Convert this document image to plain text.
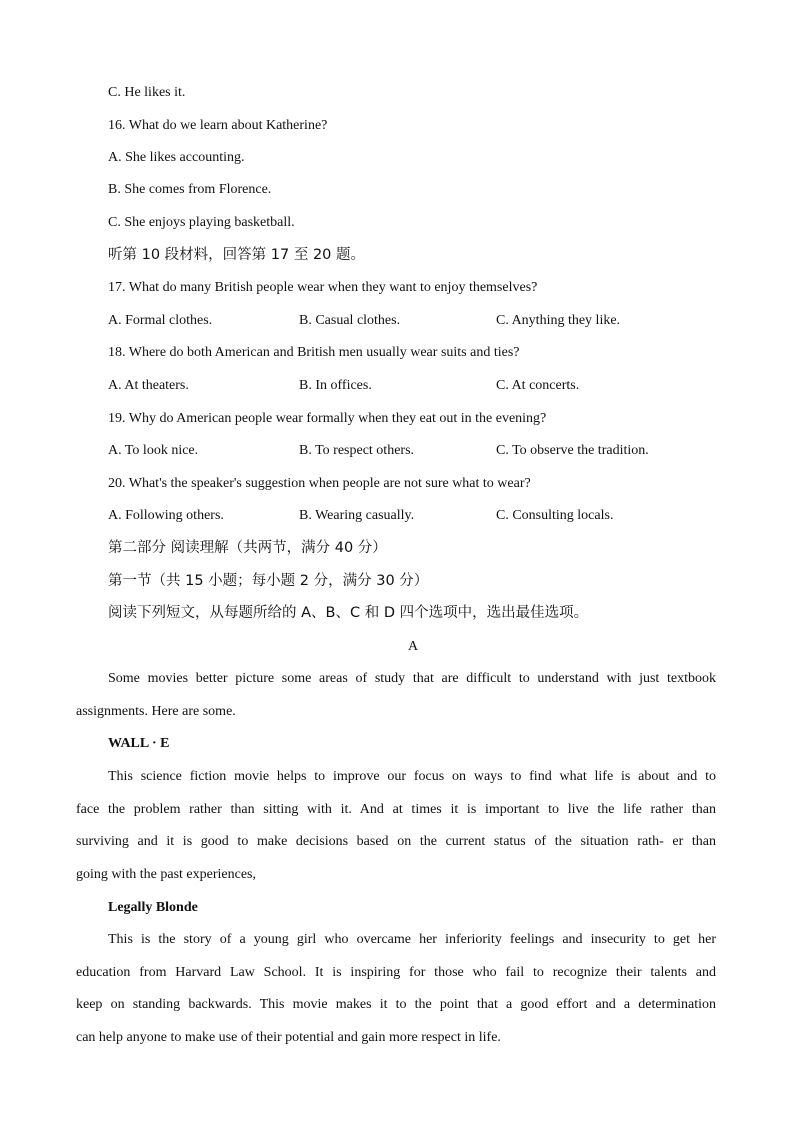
C. He likes it.
16. What do we learn about Katherine?
A. She likes accounting.
B. She comes from Florence.
C. She enjoys playing basketball.
听第 10 段材料，回答第 17 至 20 题。
17. What do many British people wear when they want to enjoy themselves?
A. Formal clothes.	B. Casual clothes.	C. Anything they like.
18. Where do both American and British men usually wear suits and ties?
A. At theaters.	B. In offices.	C. At concerts.
19. Why do American people wear formally when they eat out in the evening?
A. To look nice.	B. To respect others.	C. To observe the tradition.
20. What's the speaker's suggestion when people are not sure what to wear?
A. Following others.	B. Wearing casually.	C. Consulting locals.
第二部分 阅读理解（共两节，满分 40 分）
第一节（共 15 小题；每小题 2 分，满分 30 分）
阅读下列短文，从每题所给的 A、B、C 和 D 四个选项中，选出最佳选项。
A
Some movies better picture some areas of study that are difficult to understand with just textbook
assignments. Here are some.
WALL · E
This science fiction movie helps to improve our focus on ways to find what life is about and to
face the problem rather than sitting with it. And at times it is important to live the life rather than
surviving and it is good to make decisions based on the current status of the situation rath- er than
going with the past experiences,
Legally Blonde
This is the story of a young girl who overcame her inferiority feelings and insecurity to get her
education from Harvard Law School. It is inspiring for those who fail to recognize their talents and
keep on standing backwards. This movie makes it to the point that a good effort and a determination
can help anyone to make use of their potential and gain more respect in life.
